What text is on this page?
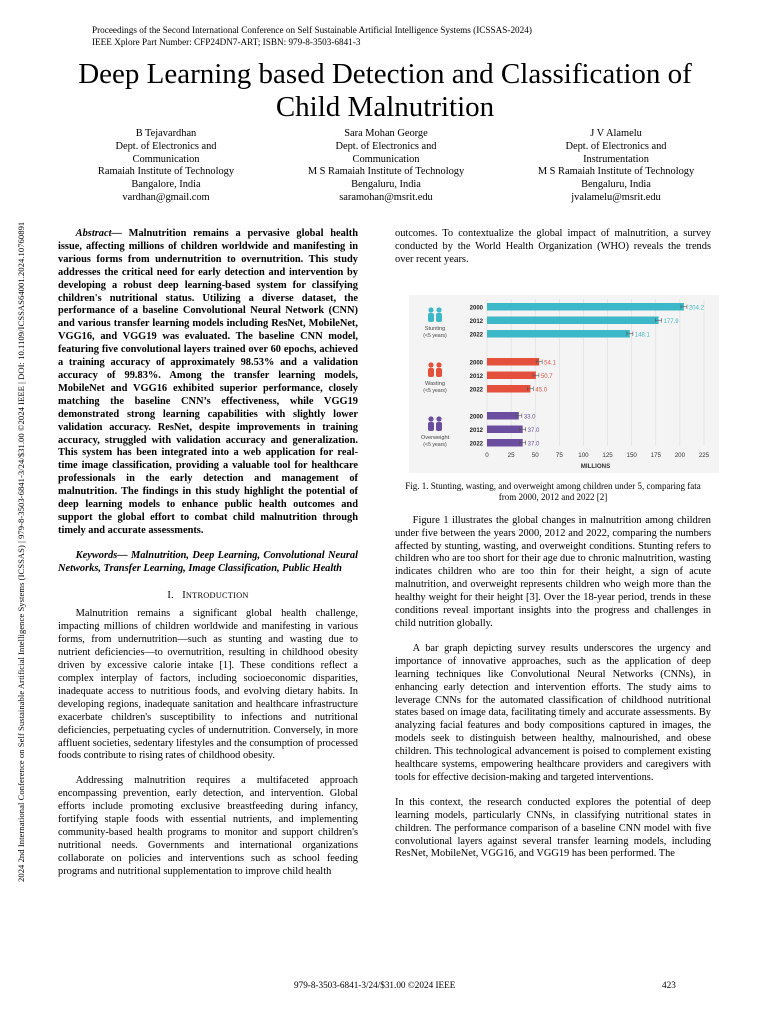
Proceedings of the Second International Conference on Self Sustainable Artificial Intelligence Systems (ICSSAS-2024)
IEEE Xplore Part Number: CFP24DN7-ART; ISBN: 979-8-3503-6841-3
2024 2nd International Conference on Self Sustainable Artificial Intelligence Systems (ICSSAS) | 979-8-3503-6841-3/24/$31.00 ©2024 IEEE | DOI: 10.1109/ICSSAS64001.2024.10760891
Deep Learning based Detection and Classification of
Child Malnutrition
B Tejavardhan
Dept. of Electronics and
Communication
Ramaiah Institute of Technology
Bangalore, India
vardhan@gmail.com
Sara Mohan George
Dept. of Electronics and
Communication
M S Ramaiah Institute of Technology
Bengaluru, India
saramohan@msrit.edu
J V Alamelu
Dept. of Electronics and
Instrumentation
M S Ramaiah Institute of Technology
Bengaluru, India
jvalamelu@msrit.edu

Abstract— Malnutrition remains a pervasive global health issue, affecting millions of children worldwide and manifesting in various forms from undernutrition to overnutrition. This study addresses the critical need for early detection and intervention by developing a robust deep learning-based system for classifying children's nutritional status. Utilizing a diverse dataset, the performance of a baseline Convolutional Neural Network (CNN) and various transfer learning models including ResNet, MobileNet, VGG16, and VGG19 was evaluated. The baseline CNN model, featuring five convolutional layers trained over 60 epochs, achieved a training accuracy of approximately 98.53% and a validation accuracy of 99.83%. Among the transfer learning models, MobileNet and VGG16 exhibited superior performance, closely matching the baseline CNN’s effectiveness, while VGG19 demonstrated strong learning capabilities with slightly lower validation accuracy. ResNet, despite improvements in training accuracy, struggled with validation accuracy and generalization. This system has been integrated into a web application for real-time image classification, providing a valuable tool for healthcare professionals in the early detection and management of malnutrition. The findings in this study highlight the potential of deep learning models to enhance public health outcomes and support the global effort to combat child malnutrition through timely and accurate assessments.

Keywords— Malnutrition, Deep Learning, Convolutional Neural Networks, Transfer Learning, Image Classification, Public Health

I. INTRODUCTION

Malnutrition remains a significant global health challenge, impacting millions of children worldwide and manifesting in various forms, from undernutrition—such as stunting and wasting due to nutrient deficiencies—to overnutrition, resulting in childhood obesity driven by excessive calorie intake [1]. These conditions reflect a complex interplay of factors, including socioeconomic disparities, inadequate access to nutritious foods, and evolving dietary habits. In developing regions, inadequate sanitation and healthcare infrastructure exacerbate children's susceptibility to infections and nutritional deficiencies, perpetuating cycles of undernutrition. Conversely, in more affluent societies, sedentary lifestyles and the consumption of processed foods contribute to rising rates of childhood obesity.

Addressing malnutrition requires a multifaceted approach encompassing prevention, early detection, and intervention. Global efforts include promoting exclusive breastfeeding during infancy, fortifying staple foods with essential nutrients, and implementing community-based health programs to monitor and support children's nutritional needs. Governments and international organizations collaborate on policies and interventions such as school feeding programs and nutritional supplementation to improve child health

outcomes. To contextualize the global impact of malnutrition, a survey conducted by the World Health Organization (WHO) reveals the trends over recent years.

0	25	50	75	100 125 150 175 200 225
MILLIONS
Stunting
(<5 years)
2000	204.2
2012	177.9
2022	148.1
Wasting
(<5 years)
2000	54.1
2012	50.7
2022	45.0
Overweight
(<5 years)
2000	33.0
2012	37.0
2022	37.0
Fig. 1. Stunting, wasting, and overweight among children under 5, comparing fata from 2000, 2012 and 2022 [2]

Figure 1 illustrates the global changes in malnutrition among children under five between the years 2000, 2012 and 2022, comparing the numbers affected by stunting, wasting, and overweight conditions. Stunting refers to children who are too short for their age due to chronic malnutrition, wasting indicates children who are too thin for their height, a sign of acute malnutrition, and overweight represents children who weigh more than the healthy weight for their height [3]. Over the 18-year period, trends in these conditions reveal important insights into the progress and challenges in child nutrition globally.

A bar graph depicting survey results underscores the urgency and importance of innovative approaches, such as the application of deep learning techniques like Convolutional Neural Networks (CNNs), in enhancing early detection and intervention efforts. The study aims to leverage CNNs for the automated classification of childhood nutritional states based on image data, facilitating timely and accurate assessments. By analyzing facial features and body compositions captured in images, the models seek to distinguish between healthy, malnourished, and obese children. This technological advancement is poised to complement existing healthcare systems, empowering healthcare providers and caregivers with tools for effective decision-making and targeted interventions.

In this context, the research conducted explores the potential of deep learning models, particularly CNNs, in classifying nutritional states in children. The performance comparison of a baseline CNN model with five convolutional layers against several transfer learning models, including ResNet, MobileNet, VGG16, and VGG19 has been performed. The

979-8-3503-6841-3/24/$31.00 ©2024 IEEE	423
